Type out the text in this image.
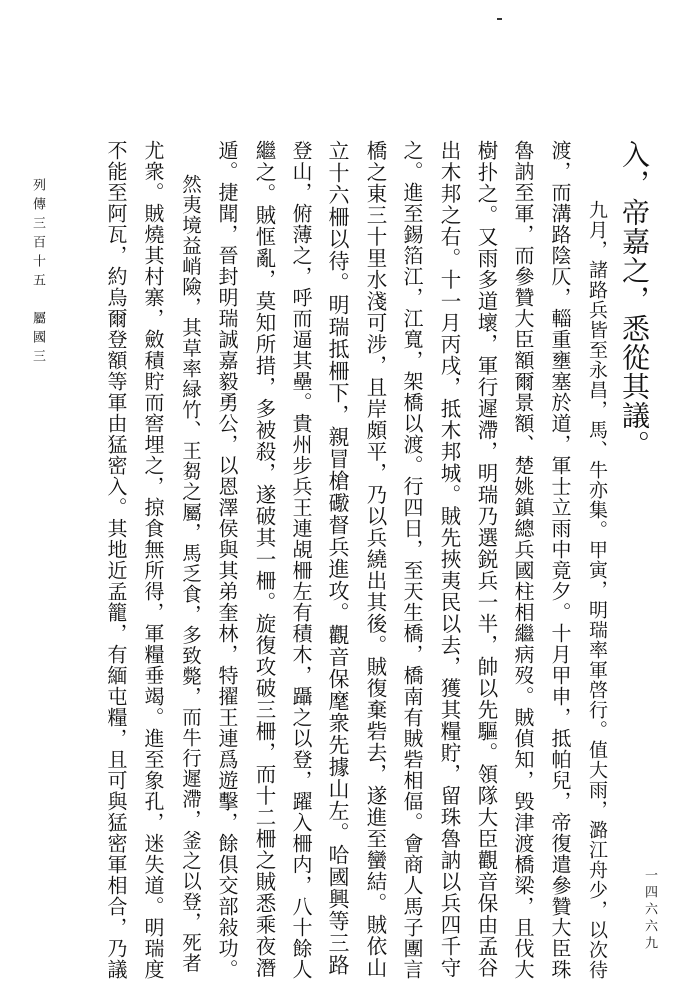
入，帝嘉之，悉從其議。
九月，諸路兵皆至永昌，馬、牛亦集。甲寅，明瑞率軍啓行。值大雨，潞江舟少，以次待
渡，而溝路陰仄，輜重壅塞於道，軍士立雨中竟夕。十月甲申，抵帕兒，帝復遣參贊大臣珠
魯訥至軍，而參贊大臣額爾景額、楚姚鎮總兵國柱相繼病歿。賊偵知，毁津渡橋梁，且伐大
樹扑之。又雨多道壞，軍行遲滯，明瑞乃選鋭兵一半，帥以先驅。領隊大臣觀音保由孟谷
出木邦之右。十一月丙戌，抵木邦城。賊先挾夷民以去，獲其糧貯，留珠魯訥以兵四千守
之。進至錫箔江，江寬，架橋以渡。行四日，至天生橋，橋南有賊砦相偪。會商人馬子團言
橋之東三十里水淺可涉，且岸頗平，乃以兵繞出其後。賊復棄砦去，遂進至蠻結。賊依山
立十六柵以待。明瑞抵柵下，親冒槍礮督兵進攻。觀音保麾衆先據山左。哈國興等三路
登山，俯薄之，呼而逼其壘。貴州步兵王連覘柵左有積木，躡之以登，躍入柵内，八十餘人
繼之。賊恇亂，莫知所措，多被殺，遂破其一柵。旋復攻破三柵，而十二柵之賊悉乘夜潛
遁。捷聞，晉封明瑞誠嘉毅勇公，以恩澤侯與其弟奎林，特擢王連爲遊擊，餘俱交部敍功。
然夷境益峭險，其草率緑竹、王芻之屬，馬乏食，多致斃，而牛行遲滯，釜之以登，死者
尤衆。賊燒其村寨，斂積貯而窖埋之，掠食無所得，軍糧垂竭。進至象孔，迷失道。明瑞度
不能至阿瓦，約烏爾登額等軍由猛密入。其地近孟籠，有緬屯糧，且可與猛密軍相合，乃議
列傳三百十五　屬國三
一四六六九
